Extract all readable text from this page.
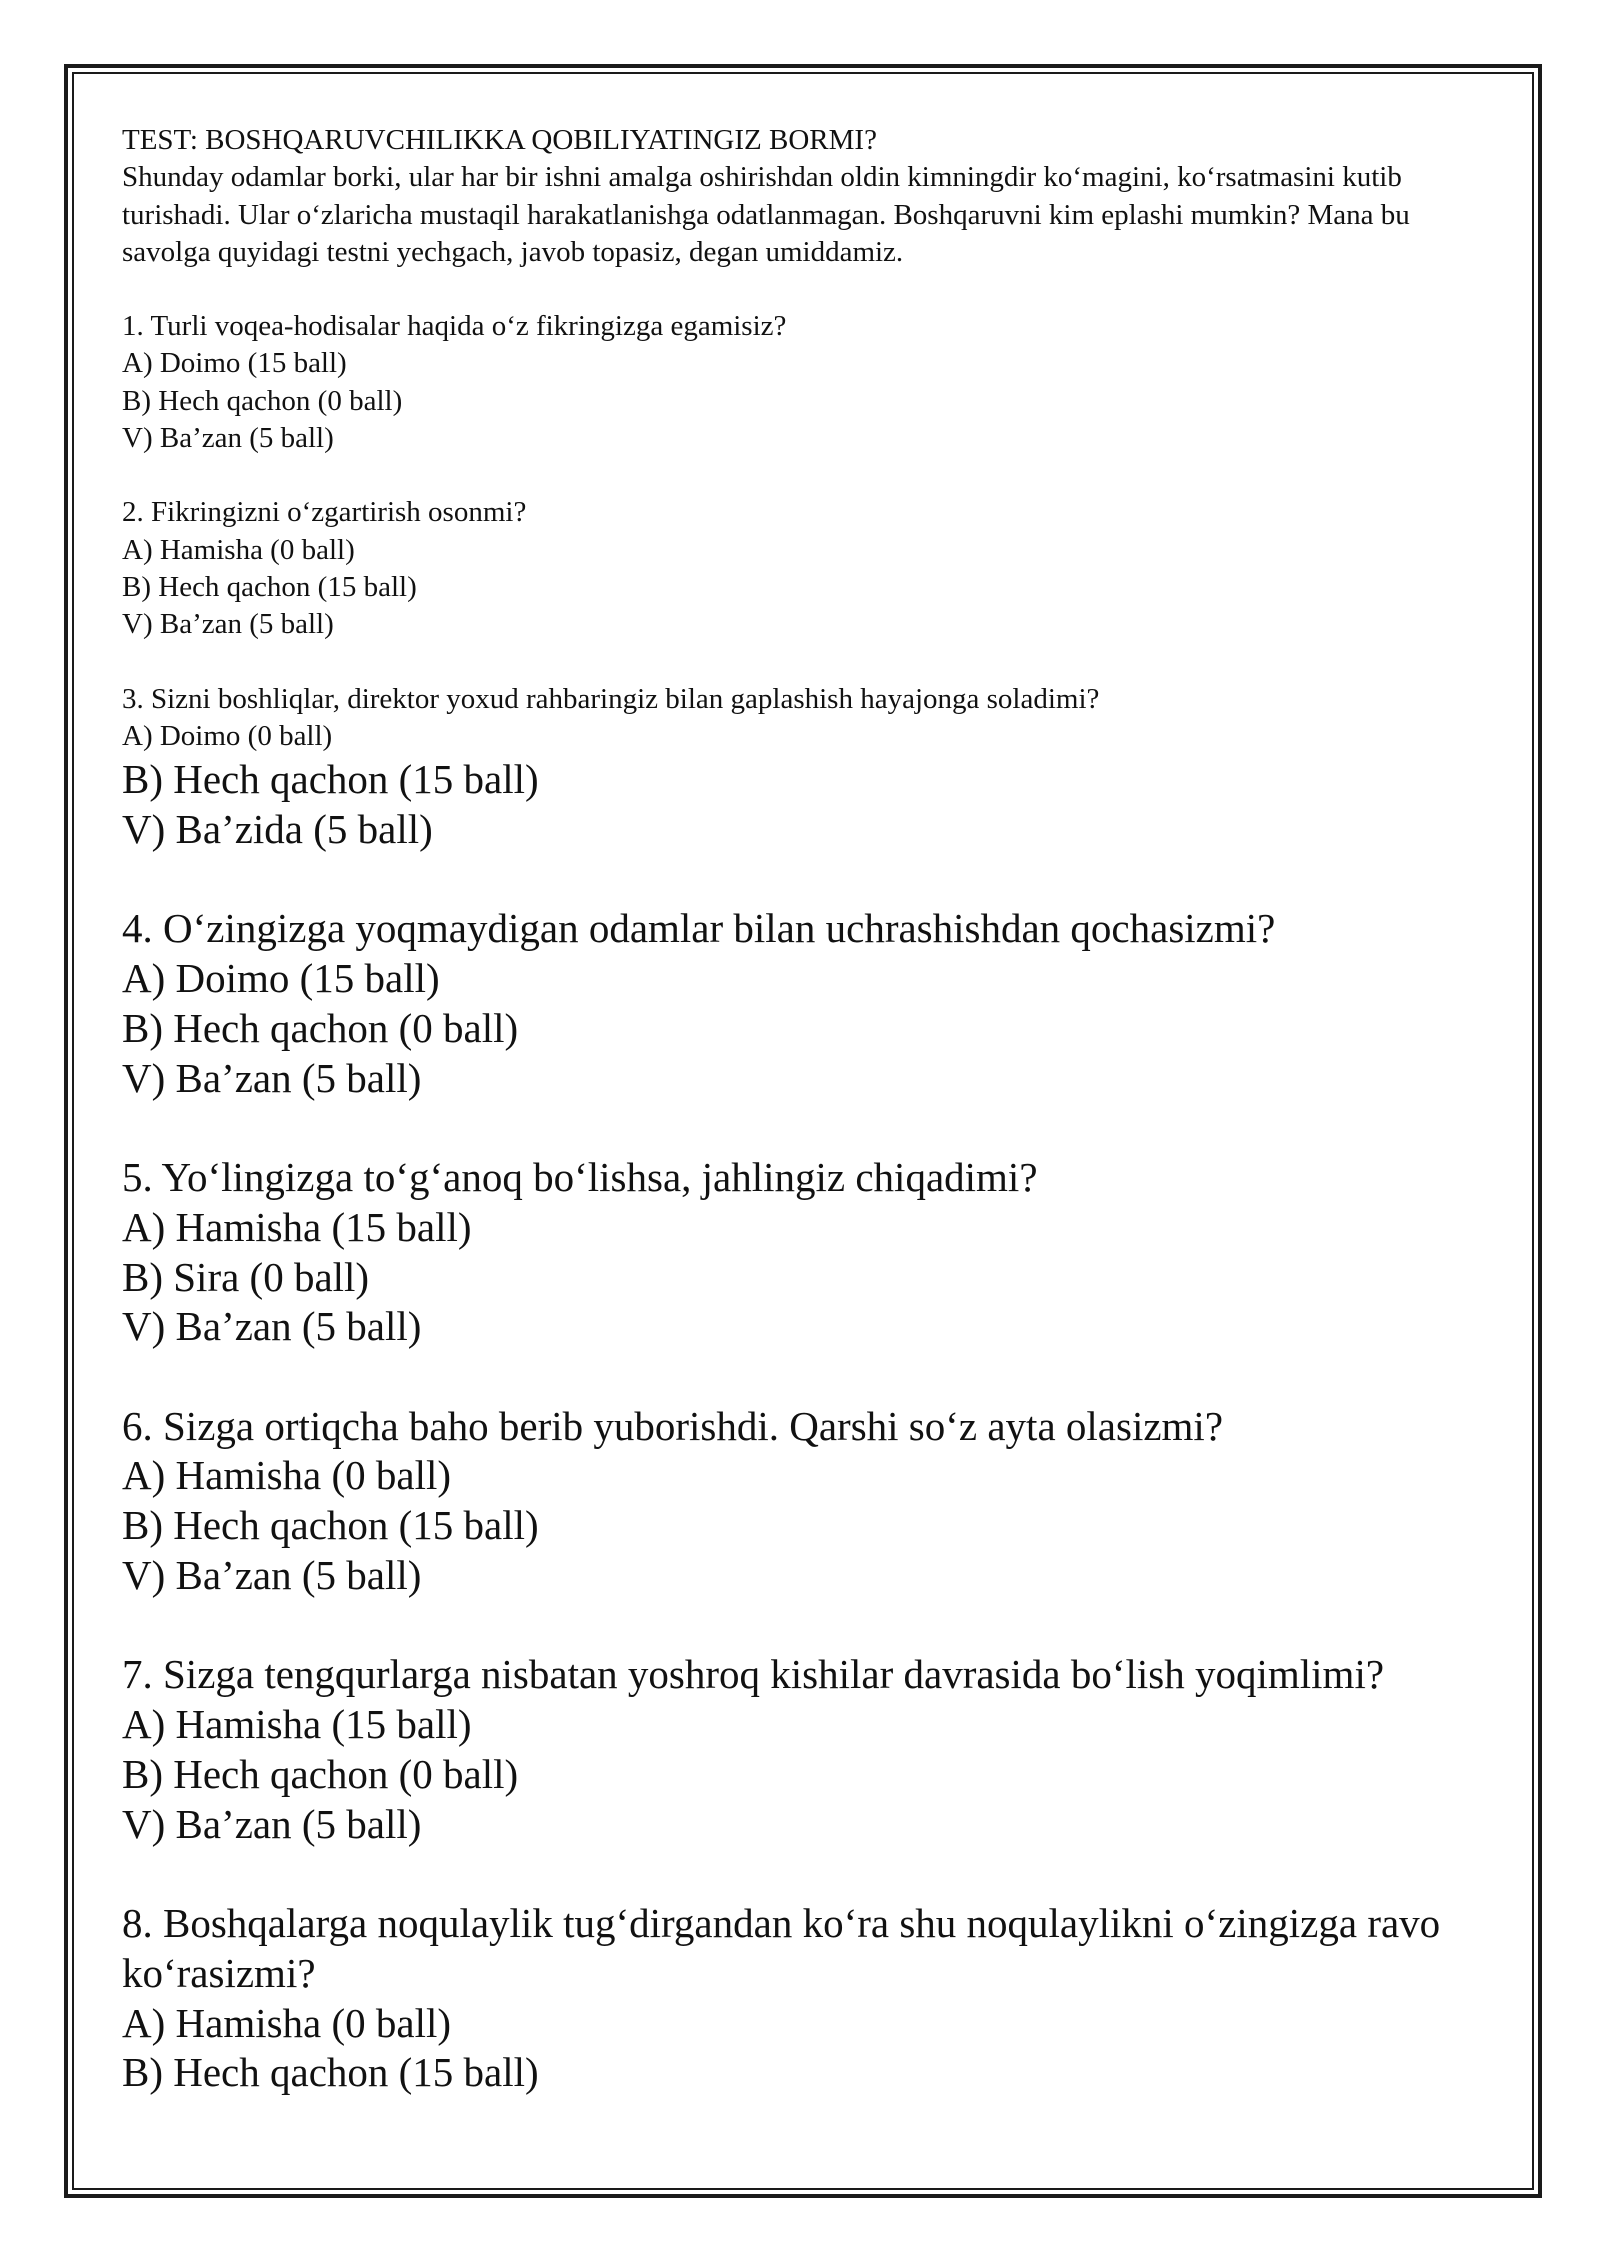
TEST: BOSHQARUVCHILIKKA QOBILIYATINGIZ BORMI?
Shunday odamlar borki, ular har bir ishni amalga oshirishdan oldin kimningdir ko‘magini, ko‘rsatmasini kutib turishadi. Ular o‘zlaricha mustaqil harakatlanishga odatlanmagan. Boshqaruvni kim eplashi mumkin? Mana bu savolga quyidagi testni yechgach, javob topasiz, degan umiddamiz.
1. Turli voqea-hodisalar haqida o‘z fikringizga egamisiz?
A) Doimo (15 ball)
B) Hech qachon (0 ball)
V) Ba’zan (5 ball)
2. Fikringizni o‘zgartirish osonmi?
A) Hamisha (0 ball)
B) Hech qachon (15 ball)
V) Ba’zan (5 ball)
3. Sizni boshliqlar, direktor yoxud rahbaringiz bilan gaplashish hayajonga soladimi?
A) Doimo (0 ball)
B) Hech qachon (15 ball)
V) Ba’zida (5 ball)
4. O‘zingizga yoqmaydigan odamlar bilan uchrashishdan qochasizmi?
A) Doimo (15 ball)
B) Hech qachon (0 ball)
V) Ba’zan (5 ball)
5. Yo‘lingizga to‘g‘anoq bo‘lishsa, jahlingiz chiqadimi?
A) Hamisha (15 ball)
B) Sira (0 ball)
V) Ba’zan (5 ball)
6. Sizga ortiqcha baho berib yuborishdi. Qarshi so‘z ayta olasizmi?
A) Hamisha (0 ball)
B) Hech qachon (15 ball)
V) Ba’zan (5 ball)
7. Sizga tengqurlarga nisbatan yoshroq kishilar davrasida bo‘lish yoqimlimi?
A) Hamisha (15 ball)
B) Hech qachon (0 ball)
V) Ba’zan (5 ball)
8. Boshqalarga noqulaylik tug‘dirgandan ko‘ra shu noqulaylikni o‘zingizga ravo ko‘rasizmi?
A) Hamisha (0 ball)
B) Hech qachon (15 ball)
